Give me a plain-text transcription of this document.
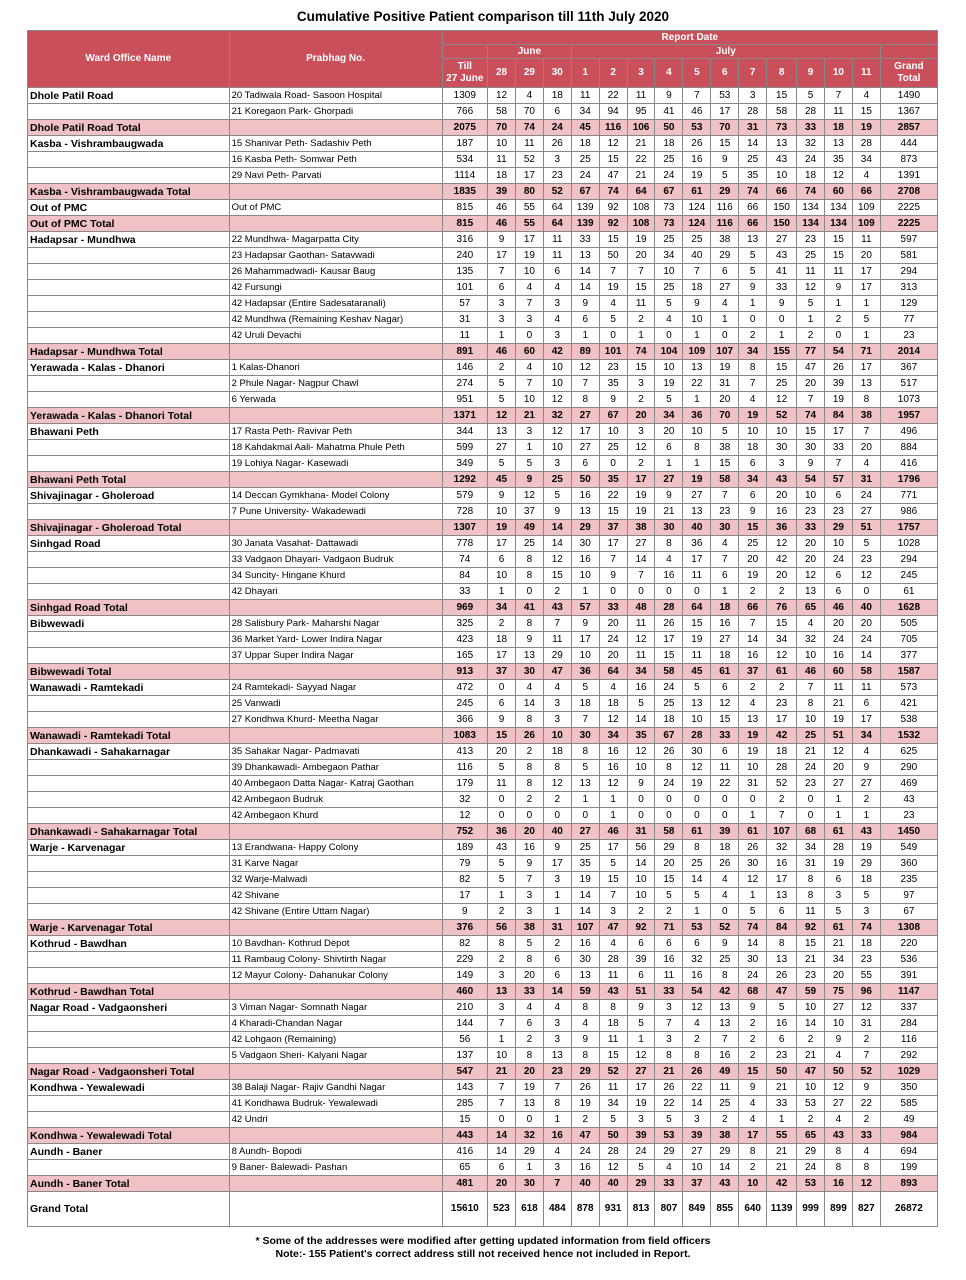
Cumulative Positive Patient comparison till 11th July 2020
Ward Office Name	Prabhag No.	Report Date															
			June			July											
		Till
27 June	28	29	30	1	2	3	4	5	6	7	8	9	10	11	Grand
Total
Dhole Patil Road	20 Tadiwala Road- Sasoon Hospital	1309	12	4	18	11	22	11	9	7	53	3	15	5	7	4	1490
	21 Koregaon Park- Ghorpadi	766	58	70	6	34	94	95	41	46	17	28	58	28	11	15	1367
Dhole Patil Road Total		2075	70	74	24	45	116	106	50	53	70	31	73	33	18	19	2857
Kasba - Vishrambaugwada	15 Shanivar Peth- Sadashiv Peth	187	10	11	26	18	12	21	18	26	15	14	13	32	13	28	444
	16 Kasba Peth- Somwar Peth	534	11	52	3	25	15	22	25	16	9	25	43	24	35	34	873
	29 Navi Peth- Parvati	1114	18	17	23	24	47	21	24	19	5	35	10	18	12	4	1391
Kasba - Vishrambaugwada Total		1835	39	80	52	67	74	64	67	61	29	74	66	74	60	66	2708
Out of PMC	Out of PMC	815	46	55	64	139	92	108	73	124	116	66	150	134	134	109	2225
Out of PMC Total		815	46	55	64	139	92	108	73	124	116	66	150	134	134	109	2225
Hadapsar - Mundhwa	22 Mundhwa- Magarpatta City	316	9	17	11	33	15	19	25	25	38	13	27	23	15	11	597
	23 Hadapsar Gaothan- Satavwadi	240	17	19	11	13	50	20	34	40	29	5	43	25	15	20	581
	26 Mahammadwadi- Kausar Baug	135	7	10	6	14	7	7	10	7	6	5	41	11	11	17	294
	42 Fursungi	101	6	4	4	14	19	15	25	18	27	9	33	12	9	17	313
	42 Hadapsar (Entire Sadesataranali)	57	3	7	3	9	4	11	5	9	4	1	9	5	1	1	129
	42 Mundhwa (Remaining Keshav Nagar)	31	3	3	4	6	5	2	4	10	1	0	0	1	2	5	77
	42 Uruli Devachi	11	1	0	3	1	0	1	0	1	0	2	1	2	0	1	23
Hadapsar - Mundhwa Total		891	46	60	42	89	101	74	104	109	107	34	155	77	54	71	2014
Yerawada - Kalas - Dhanori	1 Kalas-Dhanori	146	2	4	10	12	23	15	10	13	19	8	15	47	26	17	367
	2 Phule Nagar- Nagpur Chawl	274	5	7	10	7	35	3	19	22	31	7	25	20	39	13	517
	6 Yerwada	951	5	10	12	8	9	2	5	1	20	4	12	7	19	8	1073
Yerawada - Kalas - Dhanori Total		1371	12	21	32	27	67	20	34	36	70	19	52	74	84	38	1957
Bhawani Peth	17 Rasta Peth- Ravivar Peth	344	13	3	12	17	10	3	20	10	5	10	10	15	17	7	496
	18 Kahdakmal Aali- Mahatma Phule Peth	599	27	1	10	27	25	12	6	8	38	18	30	30	33	20	884
	19 Lohiya Nagar- Kasewadi	349	5	5	3	6	0	2	1	1	15	6	3	9	7	4	416
Bhawani Peth Total		1292	45	9	25	50	35	17	27	19	58	34	43	54	57	31	1796
Shivajinagar - Gholeroad	14 Deccan Gymkhana- Model Colony	579	9	12	5	16	22	19	9	27	7	6	20	10	6	24	771
	7 Pune University- Wakadewadi	728	10	37	9	13	15	19	21	13	23	9	16	23	23	27	986
Shivajinagar - Gholeroad Total		1307	19	49	14	29	37	38	30	40	30	15	36	33	29	51	1757
Sinhgad Road	30 Janata Vasahat- Dattawadi	778	17	25	14	30	17	27	8	36	4	25	12	20	10	5	1028
	33 Vadgaon Dhayari- Vadgaon Budruk	74	6	8	12	16	7	14	4	17	7	20	42	20	24	23	294
	34 Suncity- Hingane Khurd	84	10	8	15	10	9	7	16	11	6	19	20	12	6	12	245
	42 Dhayari	33	1	0	2	1	0	0	0	0	1	2	2	13	6	0	61
Sinhgad Road Total		969	34	41	43	57	33	48	28	64	18	66	76	65	46	40	1628
Bibwewadi	28 Salisbury Park- Maharshi Nagar	325	2	8	7	9	20	11	26	15	16	7	15	4	20	20	505
	36 Market Yard- Lower Indira Nagar	423	18	9	11	17	24	12	17	19	27	14	34	32	24	24	705
	37 Uppar Super Indira Nagar	165	17	13	29	10	20	11	15	11	18	16	12	10	16	14	377
Bibwewadi Total		913	37	30	47	36	64	34	58	45	61	37	61	46	60	58	1587
Wanawadi - Ramtekadi	24 Ramtekadi- Sayyad Nagar	472	0	4	4	5	4	16	24	5	6	2	2	7	11	11	573
	25 Vanwadi	245	6	14	3	18	18	5	25	13	12	4	23	8	21	6	421
	27 Kondhwa Khurd- Meetha Nagar	366	9	8	3	7	12	14	18	10	15	13	17	10	19	17	538
Wanawadi - Ramtekadi Total		1083	15	26	10	30	34	35	67	28	33	19	42	25	51	34	1532
Dhankawadi - Sahakarnagar	35 Sahakar Nagar- Padmavati	413	20	2	18	8	16	12	26	30	6	19	18	21	12	4	625
	39 Dhankawadi- Ambegaon Pathar	116	5	8	8	5	16	10	8	12	11	10	28	24	20	9	290
	40 Ambegaon Datta Nagar- Katraj Gaothan	179	11	8	12	13	12	9	24	19	22	31	52	23	27	27	469
	42 Ambegaon Budruk	32	0	2	2	1	1	0	0	0	0	0	2	0	1	2	43
	42 Ambegaon Khurd	12	0	0	0	0	1	0	0	0	0	1	7	0	1	1	23
Dhankawadi - Sahakarnagar Total		752	36	20	40	27	46	31	58	61	39	61	107	68	61	43	1450
Warje - Karvenagar	13 Erandwana- Happy Colony	189	43	16	9	25	17	56	29	8	18	26	32	34	28	19	549
	31 Karve Nagar	79	5	9	17	35	5	14	20	25	26	30	16	31	19	29	360
	32 Warje-Malwadi	82	5	7	3	19	15	10	15	14	4	12	17	8	6	18	235
	42 Shivane	17	1	3	1	14	7	10	5	5	4	1	13	8	3	5	97
	42 Shivane (Entire Uttam Nagar)	9	2	3	1	14	3	2	2	1	0	5	6	11	5	3	67
Warje - Karvenagar Total		376	56	38	31	107	47	92	71	53	52	74	84	92	61	74	1308
Kothrud - Bawdhan	10 Bavdhan- Kothrud Depot	82	8	5	2	16	4	6	6	6	9	14	8	15	21	18	220
	11 Rambaug Colony- Shivtirth Nagar	229	2	8	6	30	28	39	16	32	25	30	13	21	34	23	536
	12 Mayur Colony- Dahanukar Colony	149	3	20	6	13	11	6	11	16	8	24	26	23	20	55	391
Kothrud - Bawdhan Total		460	13	33	14	59	43	51	33	54	42	68	47	59	75	96	1147
Nagar Road - Vadgaonsheri	3 Viman Nagar- Somnath Nagar	210	3	4	4	8	8	9	3	12	13	9	5	10	27	12	337
	4 Kharadi-Chandan Nagar	144	7	6	3	4	18	5	7	4	13	2	16	14	10	31	284
	42 Lohgaon (Remaining)	56	1	2	3	9	11	1	3	2	7	2	6	2	9	2	116
	5 Vadgaon Sheri- Kalyani Nagar	137	10	8	13	8	15	12	8	8	16	2	23	21	4	7	292
Nagar Road - Vadgaonsheri Total		547	21	20	23	29	52	27	21	26	49	15	50	47	50	52	1029
Kondhwa - Yewalewadi	38 Balaji Nagar- Rajiv Gandhi Nagar	143	7	19	7	26	11	17	26	22	11	9	21	10	12	9	350
	41 Kondhawa Budruk- Yewalewadi	285	7	13	8	19	34	19	22	14	25	4	33	53	27	22	585
	42 Undri	15	0	0	1	2	5	3	5	3	2	4	1	2	4	2	49
Kondhwa - Yewalewadi Total		443	14	32	16	47	50	39	53	39	38	17	55	65	43	33	984
Aundh - Baner	8 Aundh- Bopodi	416	14	29	4	24	28	24	29	27	29	8	21	29	8	4	694
	9 Baner- Balewadi- Pashan	65	6	1	3	16	12	5	4	10	14	2	21	24	8	8	199
Aundh - Baner Total		481	20	30	7	40	40	29	33	37	43	10	42	53	16	12	893
Grand Total		15610	523	618	484	878	931	813	807	849	855	640	1139	999	899	827	26872
* Some of the addresses were modified after getting updated information from field officers
Note:- 155 Patient's correct address still not received hence not included in Report.
